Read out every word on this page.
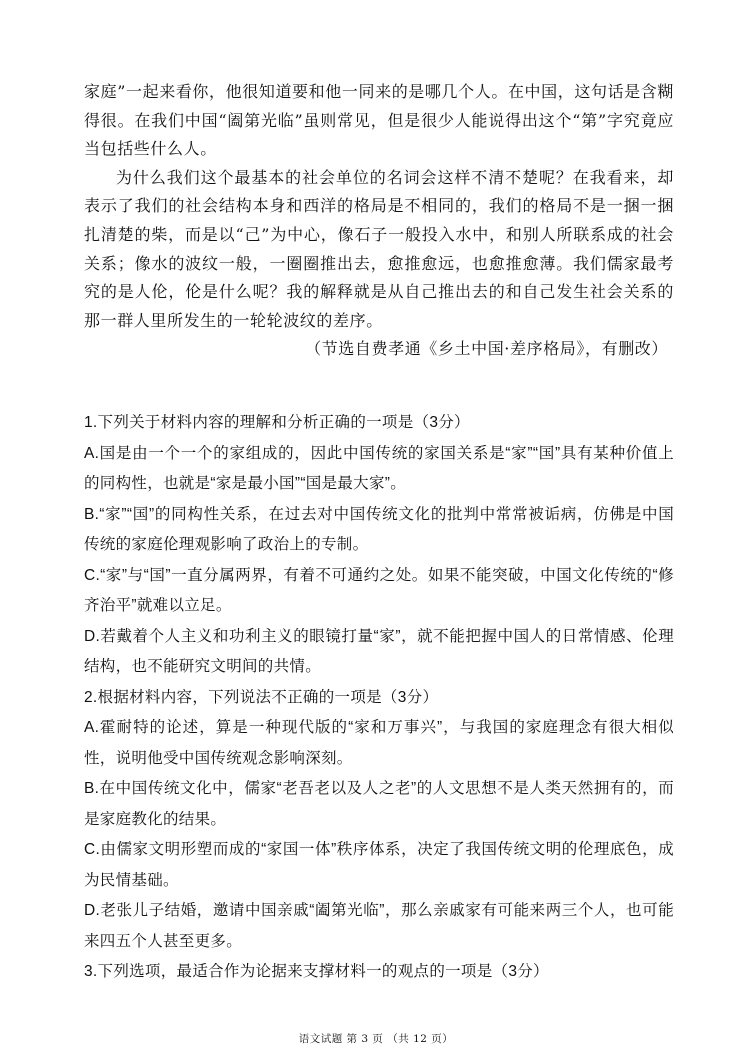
家庭”一起来看你，他很知道要和他一同来的是哪几个人。在中国，这句话是含糊得很。在我们中国“阖第光临”虽则常见，但是很少人能说得出这个“第”字究竟应当包括些什么人。

为什么我们这个最基本的社会单位的名词会这样不清不楚呢？在我看来，却表示了我们的社会结构本身和西洋的格局是不相同的，我们的格局不是一捆一捆扎清楚的柴，而是以“己”为中心，像石子一般投入水中，和别人所联系成的社会关系；像水的波纹一般，一圈圈推出去，愈推愈远，也愈推愈薄。我们儒家最考究的是人伦，伦是什么呢？我的解释就是从自己推出去的和自己发生社会关系的那一群人里所发生的一轮轮波纹的差序。

（节选自费孝通《乡土中国·差序格局》，有删改）

1.下列关于材料内容的理解和分析正确的一项是（3分）

A.国是由一个一个的家组成的，因此中国传统的家国关系是“家”“国”具有某种价值上的同构性，也就是“家是最小国”“国是最大家”。

B.“家”“国”的同构性关系，在过去对中国传统文化的批判中常常被诟病，仿佛是中国传统的家庭伦理观影响了政治上的专制。

C.“家”与“国”一直分属两界，有着不可通约之处。如果不能突破，中国文化传统的“修齐治平”就难以立足。

D.若戴着个人主义和功利主义的眼镜打量“家”，就不能把握中国人的日常情感、伦理结构，也不能研究文明间的共情。

2.根据材料内容，下列说法不正确的一项是（3分）

A.霍耐特的论述，算是一种现代版的“家和万事兴”，与我国的家庭理念有很大相似性，说明他受中国传统观念影响深刻。

B.在中国传统文化中，儒家“老吾老以及人之老”的人文思想不是人类天然拥有的，而是家庭教化的结果。

C.由儒家文明形塑而成的“家国一体”秩序体系，决定了我国传统文明的伦理底色，成为民情基础。

D.老张儿子结婚，邀请中国亲戚“阖第光临”，那么亲戚家有可能来两三个人，也可能来四五个人甚至更多。

3.下列选项，最适合作为论据来支撑材料一的观点的一项是（3分）

语文试题 第 3 页 （共 12 页）
